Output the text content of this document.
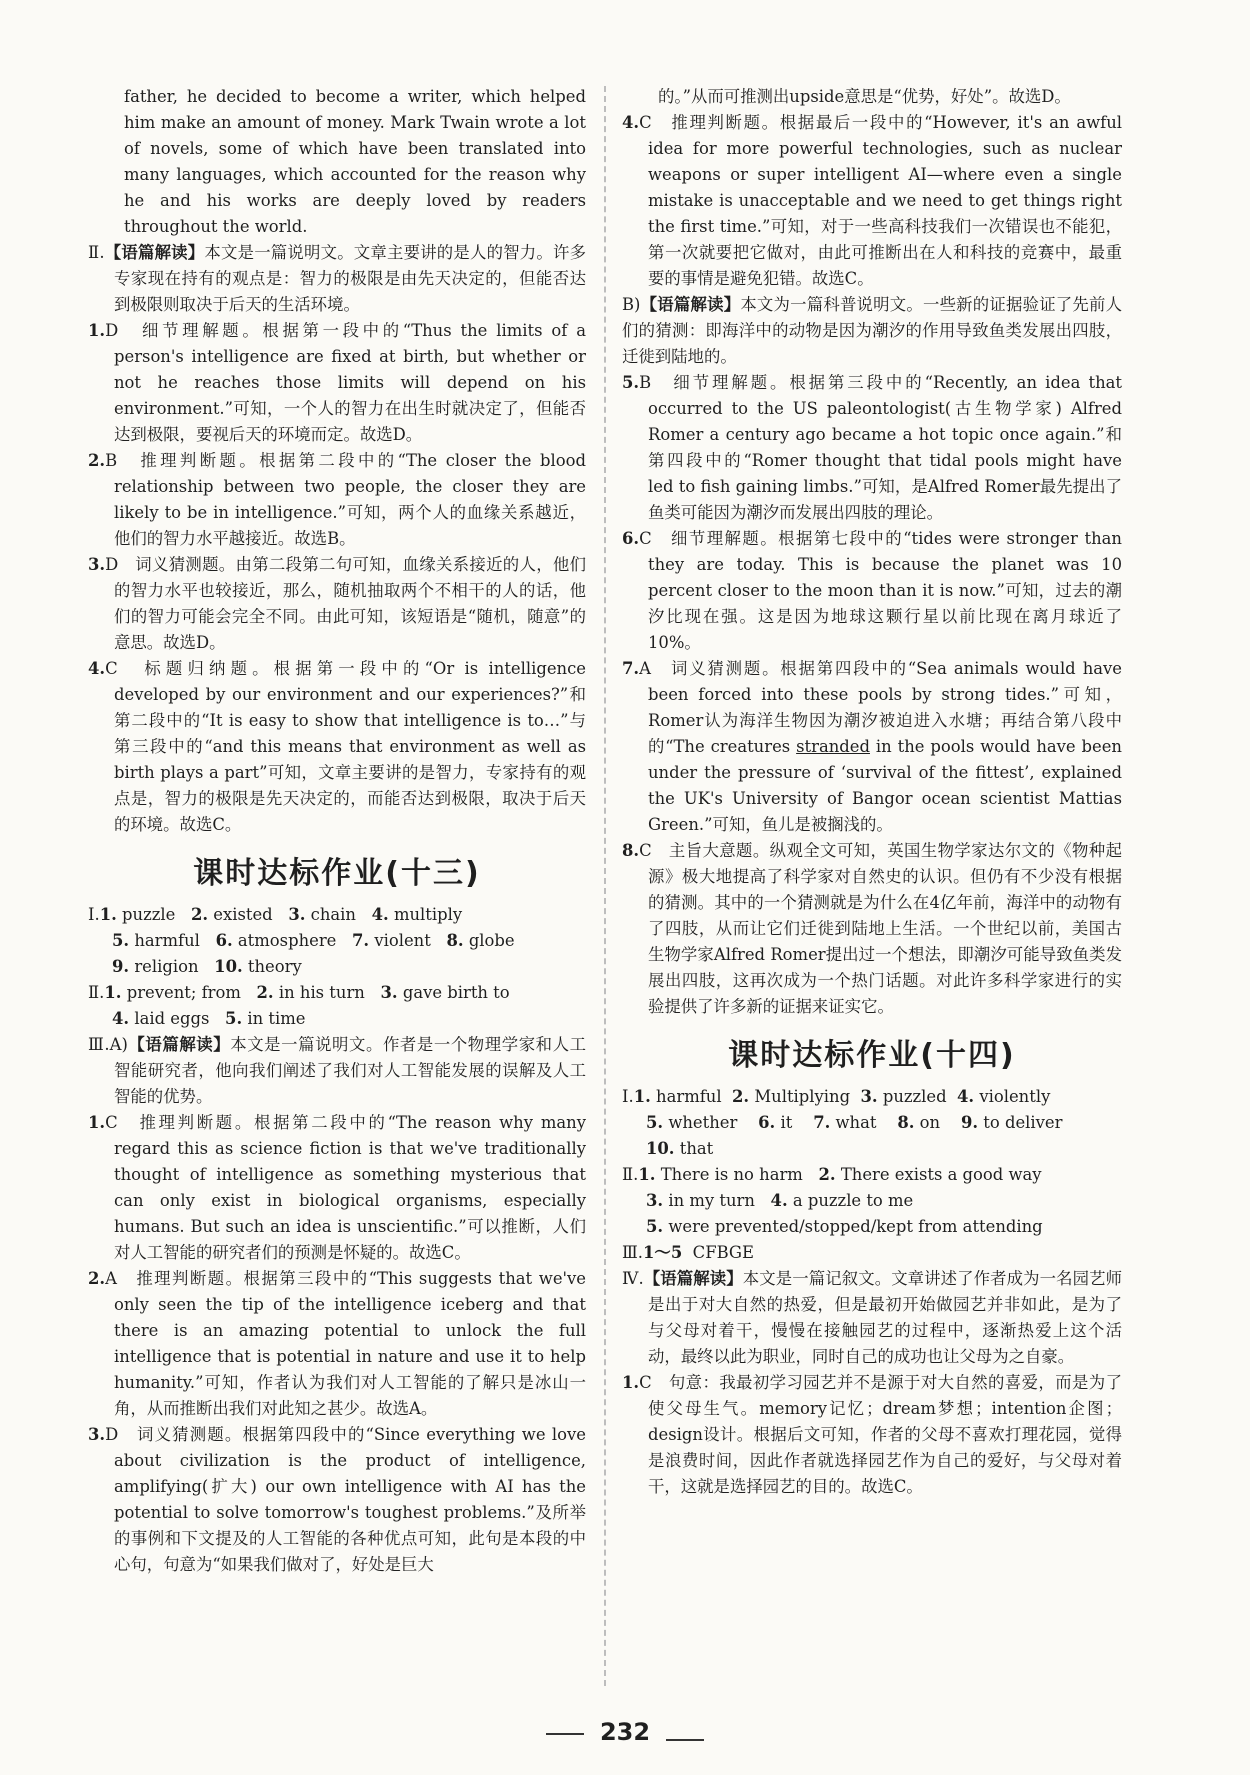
father, he decided to become a writer, which helped him make an amount of money. Mark Twain wrote a lot of novels, some of which have been translated into many languages, which accounted for the reason why he and his works are deeply loved by readers throughout the world.

Ⅱ.【语篇解读】本文是一篇说明文。文章主要讲的是人的智力。许多专家现在持有的观点是：智力的极限是由先天决定的，但能否达到极限则取决于后天的生活环境。

1.D　细节理解题。根据第一段中的“Thus the limits of a person's intelligence are fixed at birth, but whether or not he reaches those limits will depend on his environment.”可知，一个人的智力在出生时就决定了，但能否达到极限，要视后天的环境而定。故选D。

2.B　推理判断题。根据第二段中的“The closer the blood relationship between two people, the closer they are likely to be in intelligence.”可知，两个人的血缘关系越近，他们的智力水平越接近。故选B。

3.D　词义猜测题。由第二段第二句可知，血缘关系接近的人，他们的智力水平也较接近，那么，随机抽取两个不相干的人的话，他们的智力可能会完全不同。由此可知，该短语是“随机，随意”的意思。故选D。

4.C　标题归纳题。根据第一段中的“Or is intelligence developed by our environment and our experiences?”和第二段中的“It is easy to show that intelligence is to…”与第三段中的“and this means that environment as well as birth plays a part”可知，文章主要讲的是智力，专家持有的观点是，智力的极限是先天决定的，而能否达到极限，取决于后天的环境。故选C。

课时达标作业(十三)
Ⅰ.1. puzzle 2. existed 3. chain 4. multiply
5. harmful 6. atmosphere 7. violent 8. globe
9. religion 10. theory
Ⅱ.1. prevent; from 2. in his turn 3. gave birth to
4. laid eggs 5. in time

Ⅲ.A)【语篇解读】本文是一篇说明文。作者是一个物理学家和人工智能研究者，他向我们阐述了我们对人工智能发展的误解及人工智能的优势。

1.C　推理判断题。根据第二段中的“The reason why many regard this as science fiction is that we've traditionally thought of intelligence as something mysterious that can only exist in biological organisms, especially humans. But such an idea is unscientific.”可以推断，人们对人工智能的研究者们的预测是怀疑的。故选C。

2.A　推理判断题。根据第三段中的“This suggests that we've only seen the tip of the intelligence iceberg and that there is an amazing potential to unlock the full intelligence that is potential in nature and use it to help humanity.”可知，作者认为我们对人工智能的了解只是冰山一角，从而推断出我们对此知之甚少。故选A。

3.D　词义猜测题。根据第四段中的“Since everything we love about civilization is the product of intelligence, amplifying(扩大) our own intelligence with AI has the potential to solve tomorrow's toughest problems.”及所举的事例和下文提及的人工智能的各种优点可知，此句是本段的中心句，句意为“如果我们做对了，好处是巨大

的。”从而可推测出upside意思是“优势，好处”。故选D。

4.C　推理判断题。根据最后一段中的“However, it's an awful idea for more powerful technologies, such as nuclear weapons or super intelligent AI—where even a single mistake is unacceptable and we need to get things right the first time.”可知，对于一些高科技我们一次错误也不能犯，第一次就要把它做对，由此可推断出在人和科技的竞赛中，最重要的事情是避免犯错。故选C。

B)【语篇解读】本文为一篇科普说明文。一些新的证据验证了先前人们的猜测：即海洋中的动物是因为潮汐的作用导致鱼类发展出四肢，迁徙到陆地的。

5.B　细节理解题。根据第三段中的“Recently, an idea that occurred to the US paleontologist(古生物学家) Alfred Romer a century ago became a hot topic once again.”和第四段中的“Romer thought that tidal pools might have led to fish gaining limbs.”可知，是Alfred Romer最先提出了鱼类可能因为潮汐而发展出四肢的理论。

6.C　细节理解题。根据第七段中的“tides were stronger than they are today. This is because the planet was 10 percent closer to the moon than it is now.”可知，过去的潮汐比现在强。这是因为地球这颗行星以前比现在离月球近了10%。

7.A　词义猜测题。根据第四段中的“Sea animals would have been forced into these pools by strong tides.”可知，Romer认为海洋生物因为潮汐被迫进入水塘；再结合第八段中的“The creatures stranded in the pools would have been under the pressure of ‘survival of the fittest’, explained the UK's University of Bangor ocean scientist Mattias Green.”可知，鱼儿是被搁浅的。

8.C　主旨大意题。纵观全文可知，英国生物学家达尔文的《物种起源》极大地提高了科学家对自然史的认识。但仍有不少没有根据的猜测。其中的一个猜测就是为什么在4亿年前，海洋中的动物有了四肢，从而让它们迁徙到陆地上生活。一个世纪以前，美国古生物学家Alfred Romer提出过一个想法，即潮汐可能导致鱼类发展出四肢，这再次成为一个热门话题。对此许多科学家进行的实验提供了许多新的证据来证实它。

课时达标作业(十四)
Ⅰ.1. harmful 2. Multiplying 3. puzzled 4. violently
5. whether 6. it 7. what 8. on 9. to deliver
10. that
Ⅱ.1. There is no harm 2. There exists a good way
3. in my turn 4. a puzzle to me
5. were prevented/stopped/kept from attending
Ⅲ.1～5 CFBGE

Ⅳ.【语篇解读】本文是一篇记叙文。文章讲述了作者成为一名园艺师是出于对大自然的热爱，但是最初开始做园艺并非如此，是为了与父母对着干，慢慢在接触园艺的过程中，逐渐热爱上这个活动，最终以此为职业，同时自己的成功也让父母为之自豪。

1.C　句意：我最初学习园艺并不是源于对大自然的喜爱，而是为了使父母生气。memory记忆；dream梦想；intention企图；design设计。根据后文可知，作者的父母不喜欢打理花园，觉得是浪费时间，因此作者就选择园艺作为自己的爱好，与父母对着干，这就是选择园艺的目的。故选C。

232
